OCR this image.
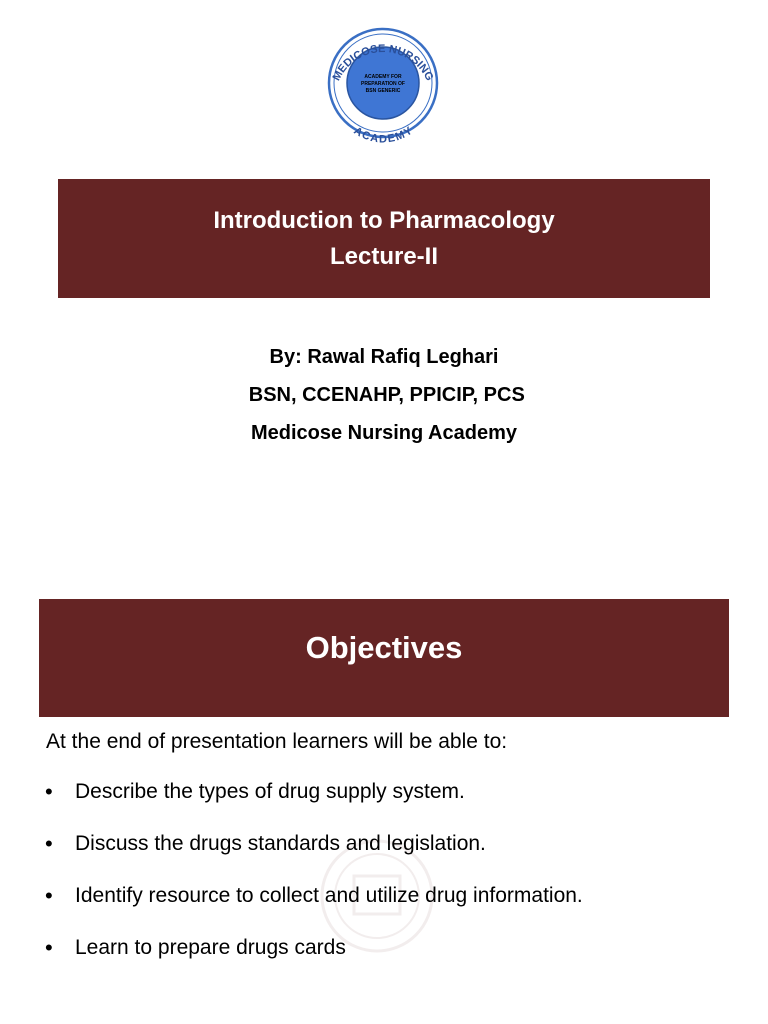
MEDICOSE NURSING
ACADEMY
ACADEMY FOR
PREPARATION OF
BSN GENERIC
Introduction to Pharmacology
Lecture-II
By: Rawal Rafiq Leghari
BSN, CCENAHP, PPICIP, PCS
Medicose Nursing Academy
Objectives
At the end of presentation learners will be able to:
• Describe the types of drug supply system.
• Discuss the drugs standards and legislation.
• Identify resource to collect and utilize drug information.
• Learn to prepare drugs cards
